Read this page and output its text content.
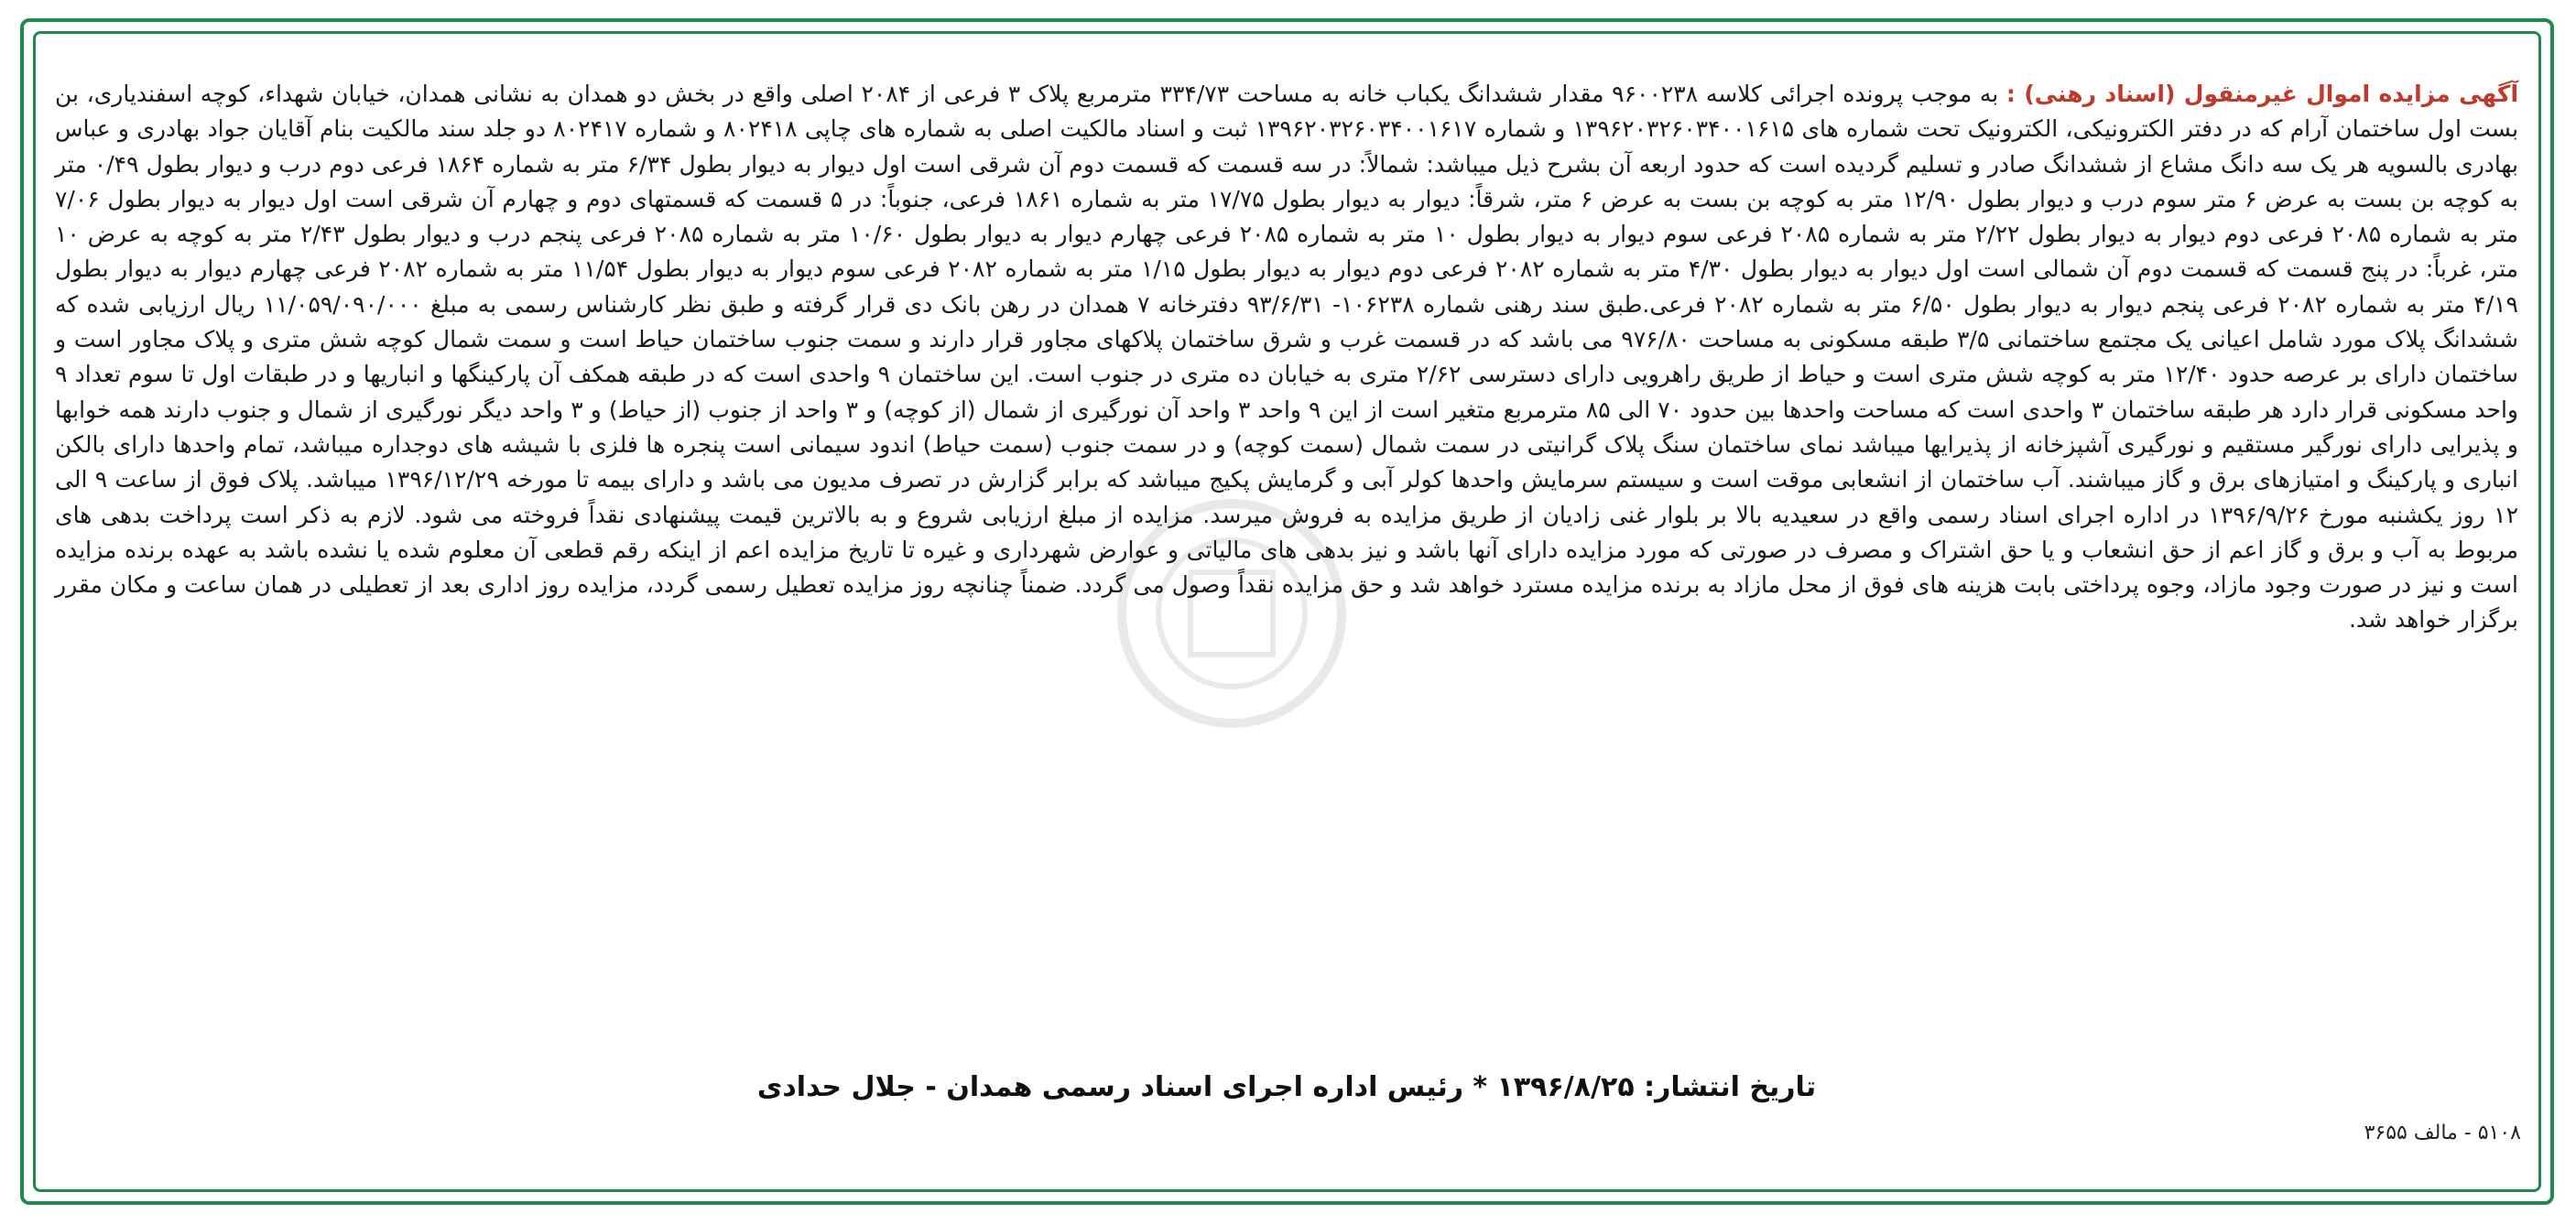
آگهی مزایده اموال غیرمنقول (اسناد رهنی) : به موجب پرونده اجرائی کلاسه ۹۶۰۰۲۳۸ مقدار ششدانگ یکباب خانه به مساحت ۳۳۴/۷۳ مترمربع پلاک ۳ فرعی از ۲۰۸۴ اصلی واقع در بخش دو همدان به نشانی همدان، خیابان شهداء، کوچه اسفندیاری، بن بست اول ساختمان آرام که در دفتر الکترونیکی، الکترونیک تحت شماره های ۱۳۹۶۲۰۳۲۶۰۳۴۰۰۱۶۱۵ و شماره ۱۳۹۶۲۰۳۲۶۰۳۴۰۰۱۶۱۷ ثبت و اسناد مالکیت اصلی به شماره های چاپی ۸۰۲۴۱۸ و شماره ۸۰۲۴۱۷ دو جلد سند مالکیت بنام آقایان جواد بهادری و عباس بهادری بالسویه هر یک سه دانگ مشاع از ششدانگ صادر و تسلیم گردیده است که حدود اربعه آن بشرح ذیل میباشد: شمالاً: در سه قسمت که قسمت دوم آن شرقی است اول دیوار به دیوار بطول ۶/۳۴ متر به شماره ۱۸۶۴ فرعی دوم درب و دیوار بطول ۰/۴۹ متر به کوچه بن بست به عرض ۶ متر سوم درب و دیوار بطول ۱۲/۹۰ متر به کوچه بن بست به عرض ۶ متر، شرقاً: دیوار به دیوار بطول ۱۷/۷۵ متر به شماره ۱۸۶۱ فرعی، جنوباً: در ۵ قسمت که قسمتهای دوم و چهارم آن شرقی است اول دیوار به دیوار بطول ۷/۰۶ متر به شماره ۲۰۸۵ فرعی دوم دیوار به دیوار بطول ۲/۲۲ متر به شماره ۲۰۸۵ فرعی سوم دیوار به دیوار بطول ۱۰ متر به شماره ۲۰۸۵ فرعی چهارم دیوار به دیوار بطول ۱۰/۶۰ متر به شماره ۲۰۸۵ فرعی پنجم درب و دیوار بطول ۲/۴۳ متر به کوچه به عرض ۱۰ متر، غرباً: در پنج قسمت که قسمت دوم آن شمالی است اول دیوار به دیوار بطول ۴/۳۰ متر به شماره ۲۰۸۲ فرعی دوم دیوار به دیوار بطول ۱/۱۵ متر به شماره ۲۰۸۲ فرعی سوم دیوار به دیوار بطول ۱۱/۵۴ متر به شماره ۲۰۸۲ فرعی چهارم دیوار به دیوار بطول ۴/۱۹ متر به شماره ۲۰۸۲ فرعی پنجم دیوار به دیوار بطول ۶/۵۰ متر به شماره ۲۰۸۲ فرعی.طبق سند رهنی شماره ۱۰۶۲۳۸- ۹۳/۶/۳۱ دفترخانه ۷ همدان در رهن بانک دی قرار گرفته و طبق نظر کارشناس رسمی به مبلغ ۱۱/۰۵۹/۰۹۰/۰۰۰ ریال ارزیابی شده که ششدانگ پلاک مورد شامل اعیانی یک مجتمع ساختمانی ۳/۵ طبقه مسکونی به مساحت ۹۷۶/۸۰ می باشد که در قسمت غرب و شرق ساختمان پلاکهای مجاور قرار دارند و سمت جنوب ساختمان حیاط است و سمت شمال کوچه شش متری و پلاک مجاور است و ساختمان دارای بر عرصه حدود ۱۲/۴۰ متر به کوچه شش متری است و حیاط از طریق راهرویی دارای دسترسی ۲/۶۲ متری به خیابان ده متری در جنوب است. این ساختمان ۹ واحدی است که در طبقه همکف آن پارکینگها و انباریها و در طبقات اول تا سوم تعداد ۹ واحد مسکونی قرار دارد هر طبقه ساختمان ۳ واحدی است که مساحت واحدها بین حدود ۷۰ الی ۸۵ مترمربع متغیر است از این ۹ واحد ۳ واحد آن نورگیری از شمال (از کوچه) و ۳ واحد از جنوب (از حیاط) و ۳ واحد دیگر نورگیری از شمال و جنوب دارند همه خوابها و پذیرایی دارای نورگیر مستقیم و نورگیری آشپزخانه از پذیرایها میباشد نمای ساختمان سنگ پلاک گرانیتی در سمت شمال (سمت کوچه) و در سمت جنوب (سمت حیاط) اندود سیمانی است پنجره ها فلزی با شیشه های دوجداره میباشد، تمام واحدها دارای بالکن انباری و پارکینگ و امتیازهای برق و گاز میباشند. آب ساختمان از انشعابی موقت است و سیستم سرمایش واحدها کولر آبی و گرمایش پکیج میباشد که برابر گزارش در تصرف مدیون می باشد و دارای بیمه تا مورخه ۱۳۹۶/۱۲/۲۹ میباشد. پلاک فوق از ساعت ۹ الی ۱۲ روز یکشنبه مورخ ۱۳۹۶/۹/۲۶ در اداره اجرای اسناد رسمی واقع در سعیدیه بالا بر بلوار غنی زادیان از طریق مزایده به فروش میرسد. مزایده از مبلغ ارزیابی شروع و به بالاترین قیمت پیشنهادی نقداً فروخته می شود. لازم به ذکر است پرداخت بدهی های مربوط به آب و برق و گاز اعم از حق انشعاب و یا حق اشتراک و مصرف در صورتی که مورد مزایده دارای آنها باشد و نیز بدهی های مالیاتی و عوارض شهرداری و غیره تا تاریخ مزایده اعم از اینکه رقم قطعی آن معلوم شده یا نشده باشد به عهده برنده مزایده است و نیز در صورت وجود مازاد، وجوه پرداختی بابت هزینه های فوق از محل مازاد به برنده مزایده مسترد خواهد شد و حق مزایده نقداً وصول می گردد. ضمناً چنانچه روز مزایده تعطیل رسمی گردد، مزایده روز اداری بعد از تعطیلی در همان ساعت و مکان مقرر برگزار خواهد شد.
تاریخ انتشار: ۱۳۹۶/۸/۲۵ * رئیس اداره اجرای اسناد رسمی همدان - جلال حدادی
۵۱۰۸ - مالف ۳۶۵۵
